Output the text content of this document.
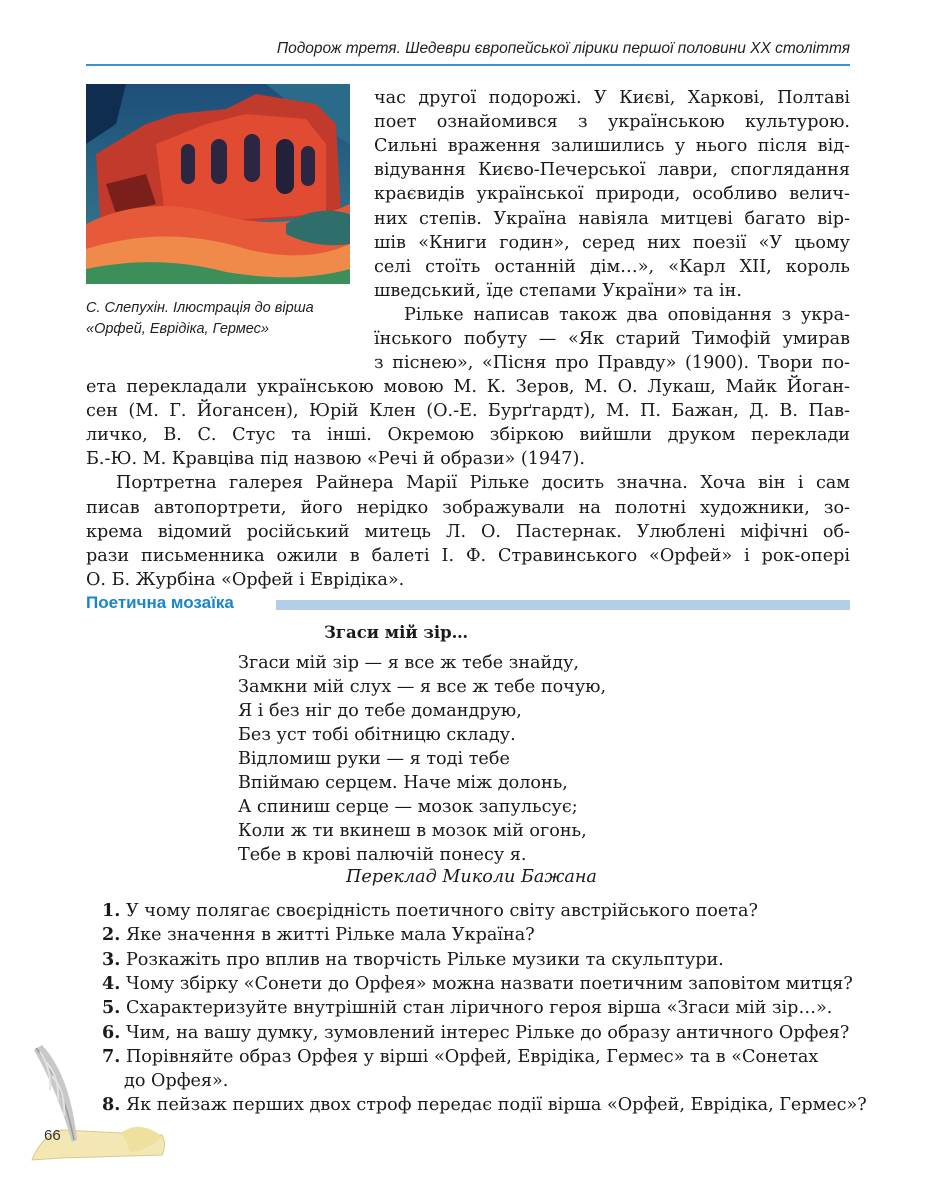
Подорож третя. Шедеври європейської лірики першої половини ХХ століття
С. Слепухін. Ілюстрація до вірша
«Орфей, Еврідіка, Гермес»
час другої подорожі. У Києві, Харкові, Полтаві
поет ознайомився з українською культурою.
Сильні враження залишились у нього після від-
відування Києво-Печерської лаври, споглядання
краєвидів української природи, особливо велич-
них степів. Україна навіяла митцеві багато вір-
шів «Книги годин», серед них поезії «У цьому
селі стоїть останній дім…», «Карл XII, король
шведський, їде степами України» та ін.
Рільке написав також два оповідання з укра-
їнського побуту — «Як старий Тимофій умирав
з піснею», «Пісня про Правду» (1900). Твори по-
ета перекладали українською мовою М. К. Зеров, М. О. Лукаш, Майк Йоган-
сен (М. Г. Йогансен), Юрій Клен (О.-Е. Бурґгардт), М. П. Бажан, Д. В. Пав-
личко, В. С. Стус та інші. Окремою збіркою вийшли друком переклади
Б.-Ю. М. Кравціва під назвою «Речі й образи» (1947).
Портретна галерея Райнера Марії Рільке досить значна. Хоча він і сам
писав автопортрети, його нерідко зображували на полотні художники, зо-
крема відомий російський митець Л. О. Пастернак. Улюблені міфічні об-
рази письменника ожили в балеті І. Ф. Стравинського «Орфей» і рок-опері
О. Б. Журбіна «Орфей і Еврідіка».
Поетична мозаїка
Згаси мій зір…
Згаси мій зір — я все ж тебе знайду,
Замкни мій слух — я все ж тебе почую,
Я і без ніг до тебе домандрую,
Без уст тобі обітницю складу.
Відломиш руки — я тоді тебе
Впіймаю серцем. Наче між долонь,
А спиниш серце — мозок запульсує;
Коли ж ти вкинеш в мозок мій огонь,
Тебе в крові палючій понесу я.
Переклад Миколи Бажана
1. У чому полягає своєрідність поетичного світу австрійського поета?
2. Яке значення в житті Рільке мала Україна?
3. Розкажіть про вплив на творчість Рільке музики та скульптури.
4. Чому збірку «Сонети до Орфея» можна назвати поетичним заповітом митця?
5. Схарактеризуйте внутрішній стан ліричного героя вірша «Згаси мій зір…».
6. Чим, на вашу думку, зумовлений інтерес Рільке до образу античного Орфея?
7. Порівняйте образ Орфея у вірші «Орфей, Еврідіка, Гермес» та в «Сонетах
до Орфея».
8. Як пейзаж перших двох строф передає події вірша «Орфей, Еврідіка, Гермес»?
66
